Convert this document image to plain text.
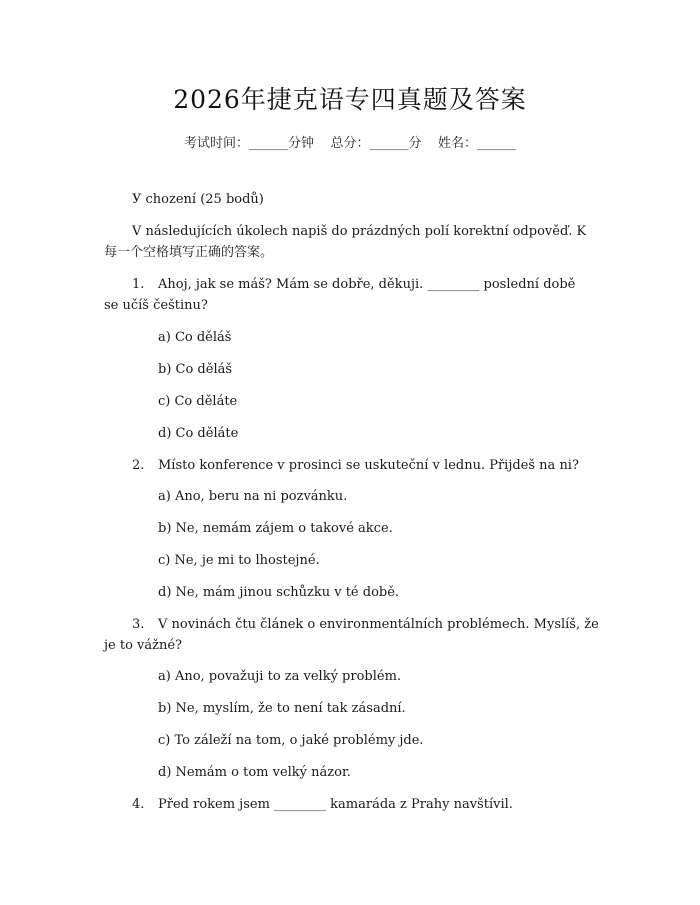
2026年捷克语专四真题及答案
考试时间：______分钟    总分：______分    姓名：______
У chození (25 bodů)
V následujících úkolech napiš do prázdných polí korektní odpověď. K
每一个空格填写正确的答案。
1. Ahoj, jak se máš? Mám se dobře, děkuji. ________ poslední době
se učíš češtinu?
a) Co děláš
b) Co děláš
c) Co děláte
d) Co děláte
2. Místo konference v prosinci se uskuteční v lednu. Přijdeš na ni?
a) Ano, beru na ni pozvánku.
b) Ne, nemám zájem o takové akce.
c) Ne, je mi to lhostejné.
d) Ne, mám jinou schůzku v té době.
3. V novinách čtu článek o environmentálních problémech. Myslíš, že
je to vážné?
a) Ano, považuji to za velký problém.
b) Ne, myslím, že to není tak zásadní.
c) To záleží na tom, o jaké problémy jde.
d) Nemám o tom velký názor.
4. Před rokem jsem ________ kamaráda z Prahy navštívil.
